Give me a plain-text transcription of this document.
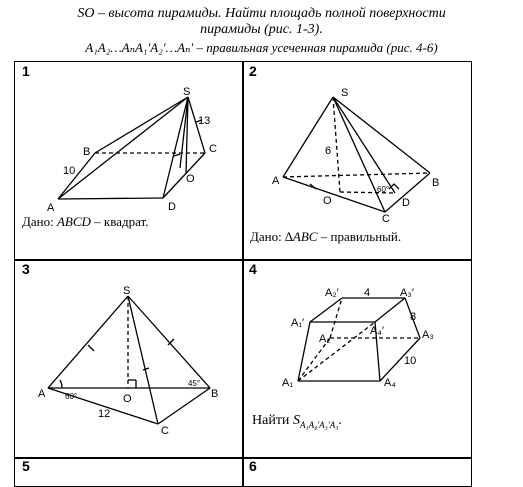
SO – высота пирамиды. Найти площадь полной поверхности
пирамиды (рис. 1-3).
A₁A₂…AₙA₁′A₂′…Aₙ′ – правильная усеченная пирамида (рис. 4-6)
1	2
3	4
5	6
Дано: ABCD – квадрат.
Дано: ∆ABC – правильный.
Найти $S_{A_1A_4'A_3'A_3}$.
S
A
B	C
D
O
10
13
S
A	B
C
D
O
6
60°
S
A	B
C
O
12
60°
45°	A₁
A₂	A₃
A₄
A₁′
A₂′	A₃′
A₄′
4
8
10
